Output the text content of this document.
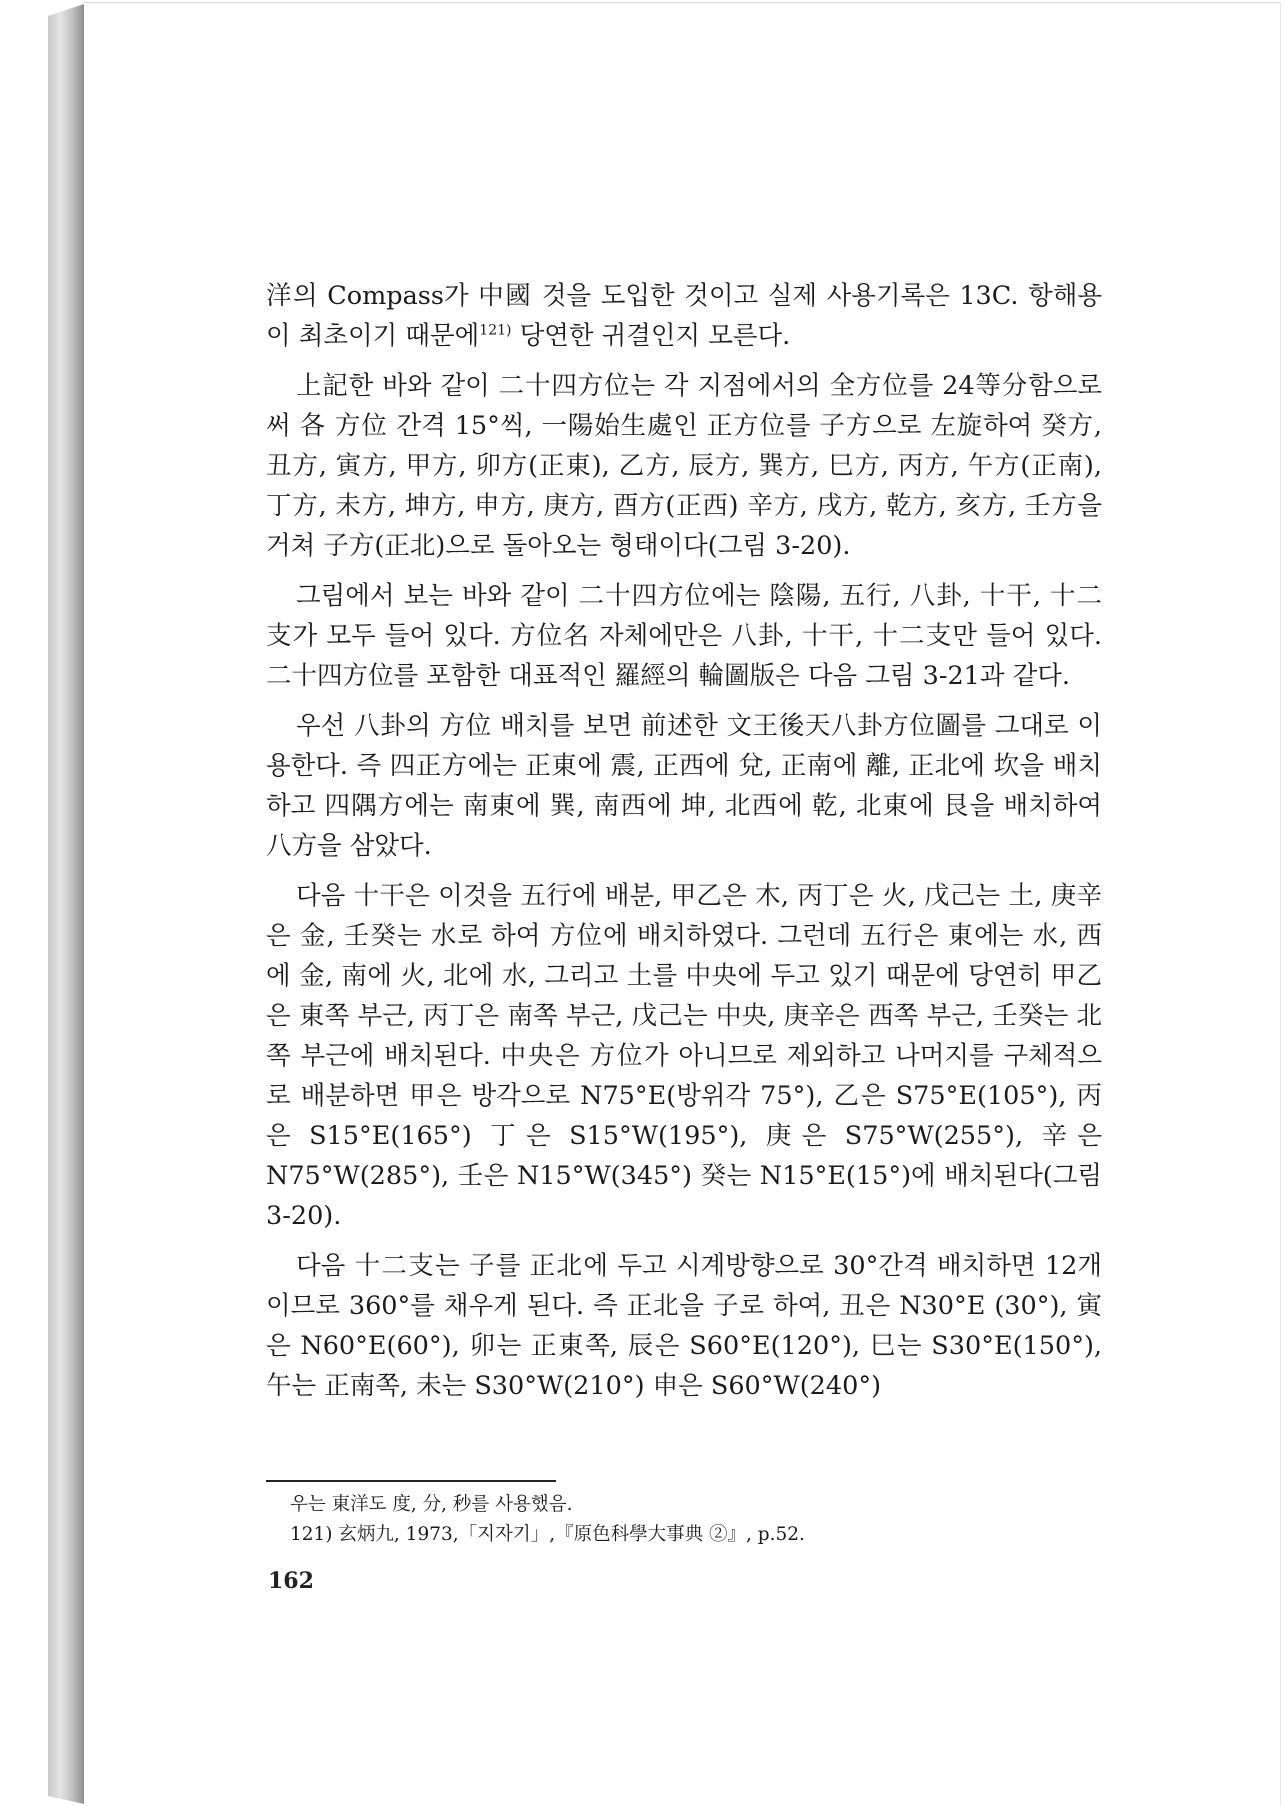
洋의 Compass가 中國 것을 도입한 것이고 실제 사용기록은 13C. 항해용이 최초이기 때문에$^{121)}$ 당연한 귀결인지 모른다.

上記한 바와 같이 二十四方位는 각 지점에서의 全方位를 24等分함으로써 各 方位 간격 15°씩, 一陽始生處인 正方位를 子方으로 左旋하여 癸方, 丑方, 寅方, 甲方, 卯方(正東), 乙方, 辰方, 巽方, 巳方, 丙方, 午方(正南), 丁方, 未方, 坤方, 申方, 庚方, 酉方(正西) 辛方, 戌方, 乾方, 亥方, 壬方을 거쳐 子方(正北)으로 돌아오는 형태이다(그림 3-20).

그림에서 보는 바와 같이 二十四方位에는 陰陽, 五行, 八卦, 十干, 十二支가 모두 들어 있다. 方位名 자체에만은 八卦, 十干, 十二支만 들어 있다. 二十四方位를 포함한 대표적인 羅經의 輪圖版은 다음 그림 3-21과 같다.

우선 八卦의 方位 배치를 보면 前述한 文王後天八卦方位圖를 그대로 이용한다. 즉 四正方에는 正東에 震, 正西에 兌, 正南에 離, 正北에 坎을 배치하고 四隅方에는 南東에 巽, 南西에 坤, 北西에 乾, 北東에 艮을 배치하여 八方을 삼았다.

다음 十干은 이것을 五行에 배분, 甲乙은 木, 丙丁은 火, 戊己는 土, 庚辛은 金, 壬癸는 水로 하여 方位에 배치하였다. 그런데 五行은 東에는 水, 西에 金, 南에 火, 北에 水, 그리고 土를 中央에 두고 있기 때문에 당연히 甲乙은 東쪽 부근, 丙丁은 南쪽 부근, 戊己는 中央, 庚辛은 西쪽 부근, 壬癸는 北쪽 부근에 배치된다. 中央은 方位가 아니므로 제외하고 나머지를 구체적으로 배분하면 甲은 방각으로 N75°E(방위각 75°), 乙은 S75°E(105°), 丙은 S15°E(165°) 丁은 S15°W(195°), 庚은 S75°W(255°), 辛은 N75°W(285°), 壬은 N15°W(345°) 癸는 N15°E(15°)에 배치된다(그림 3-20).

다음 十二支는 子를 正北에 두고 시계방향으로 30°간격 배치하면 12개이므로 360°를 채우게 된다. 즉 正北을 子로 하여, 丑은 N30°E (30°), 寅은 N60°E(60°), 卯는 正東쪽, 辰은 S60°E(120°), 巳는 S30°E(150°), 午는 正南쪽, 未는 S30°W(210°) 申은 S60°W(240°)

우는 東洋도 度, 分, 秒를 사용했음.
121) 玄炳九, 1973,「지자기」,『原色科學大事典 ②』, p.52.
162
